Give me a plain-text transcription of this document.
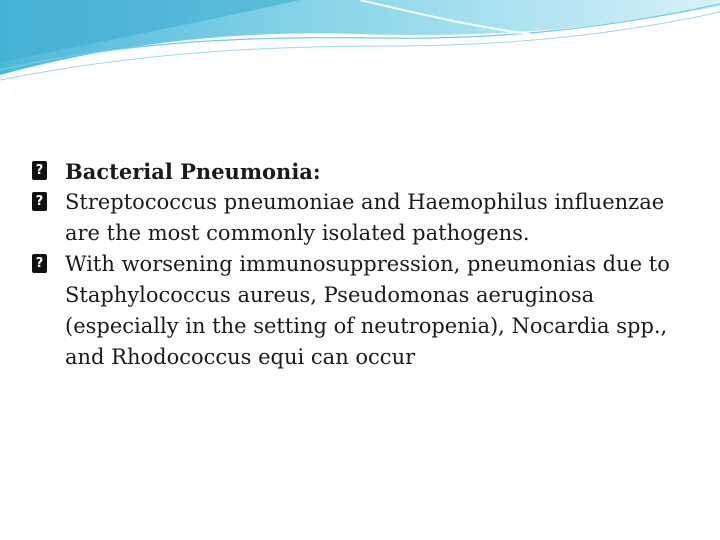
? Bacterial Pneumonia:

? Streptococcus pneumoniae and Haemophilus influenzae are the most commonly isolated pathogens.

? With worsening immunosuppression, pneumonias due to Staphylococcus aureus, Pseudomonas aeruginosa (especially in the setting of neutropenia), Nocardia spp., and Rhodococcus equi can occur
